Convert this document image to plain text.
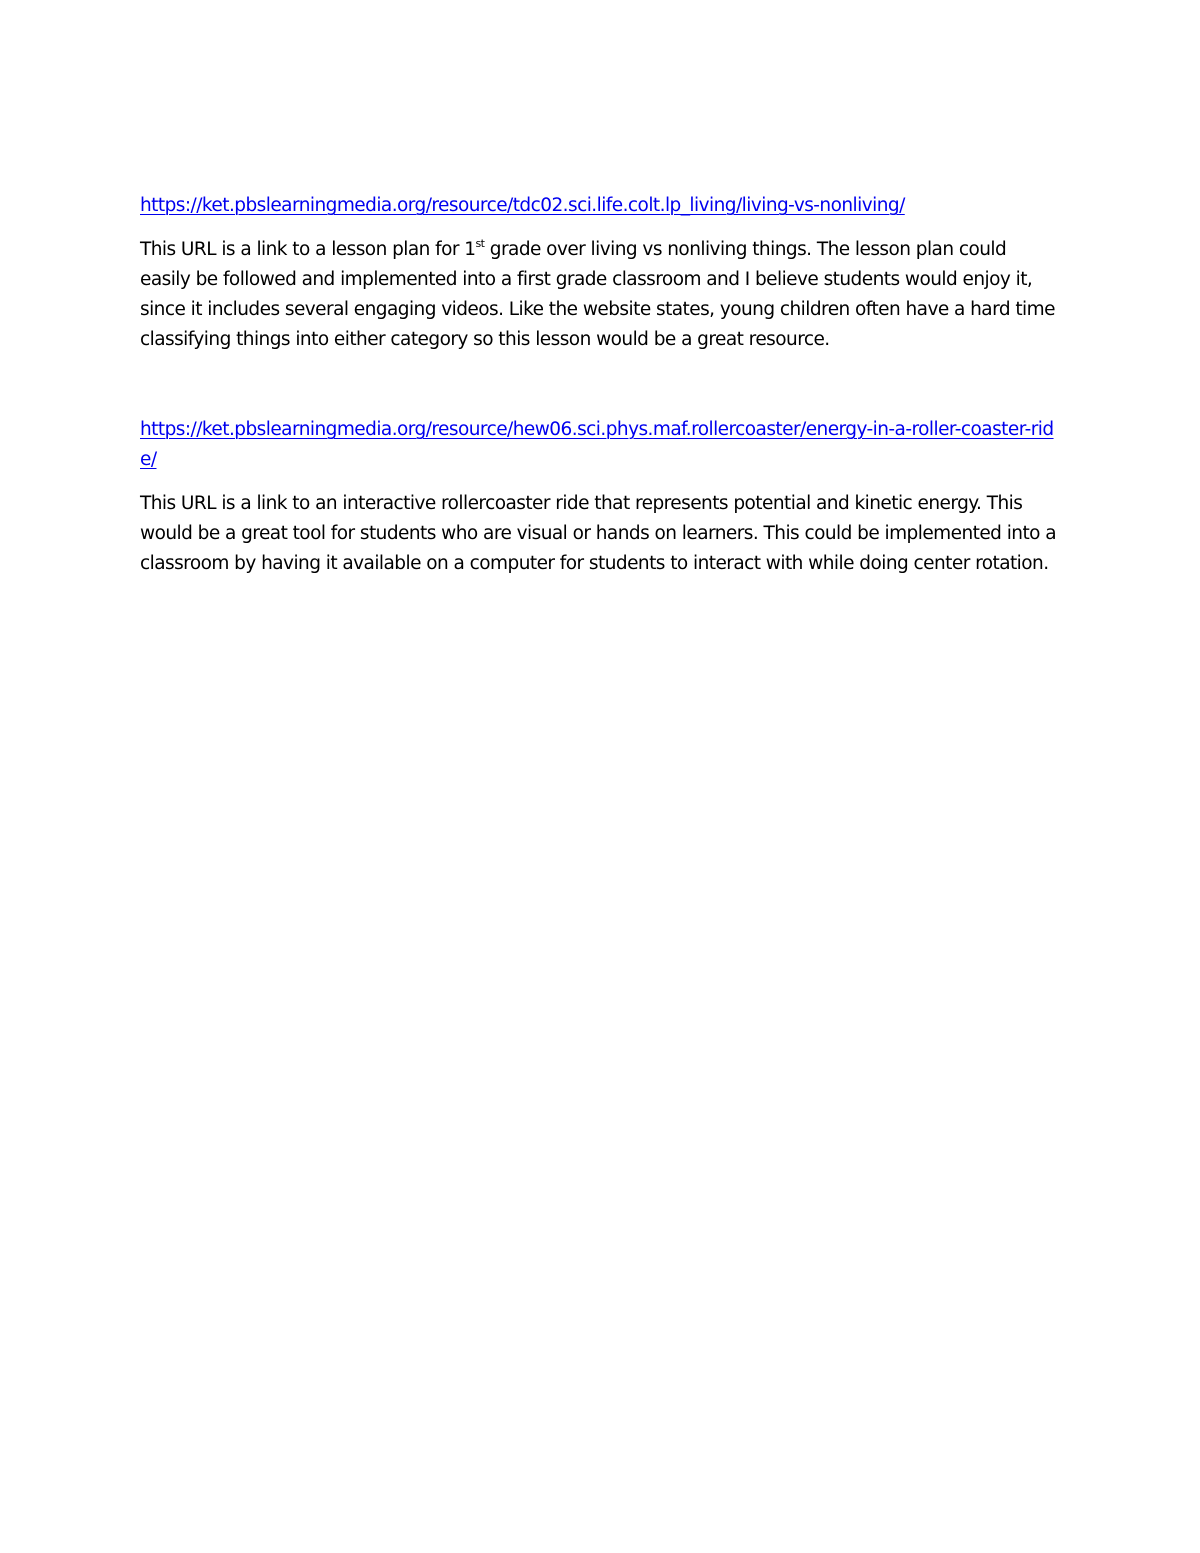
https://ket.pbslearningmedia.org/resource/tdc02.sci.life.colt.lp_living/living-vs-nonliving/

This URL is a link to a lesson plan for 1st grade over living vs nonliving things. The lesson plan could easily be followed and implemented into a first grade classroom and I believe students would enjoy it, since it includes several engaging videos. Like the website states, young children often have a hard time classifying things into either category so this lesson would be a great resource.

https://ket.pbslearningmedia.org/resource/hew06.sci.phys.maf.rollercoaster/energy-in-a-roller-coaster-ride/

This URL is a link to an interactive rollercoaster ride that represents potential and kinetic energy. This would be a great tool for students who are visual or hands on learners. This could be implemented into a classroom by having it available on a computer for students to interact with while doing center rotation.
